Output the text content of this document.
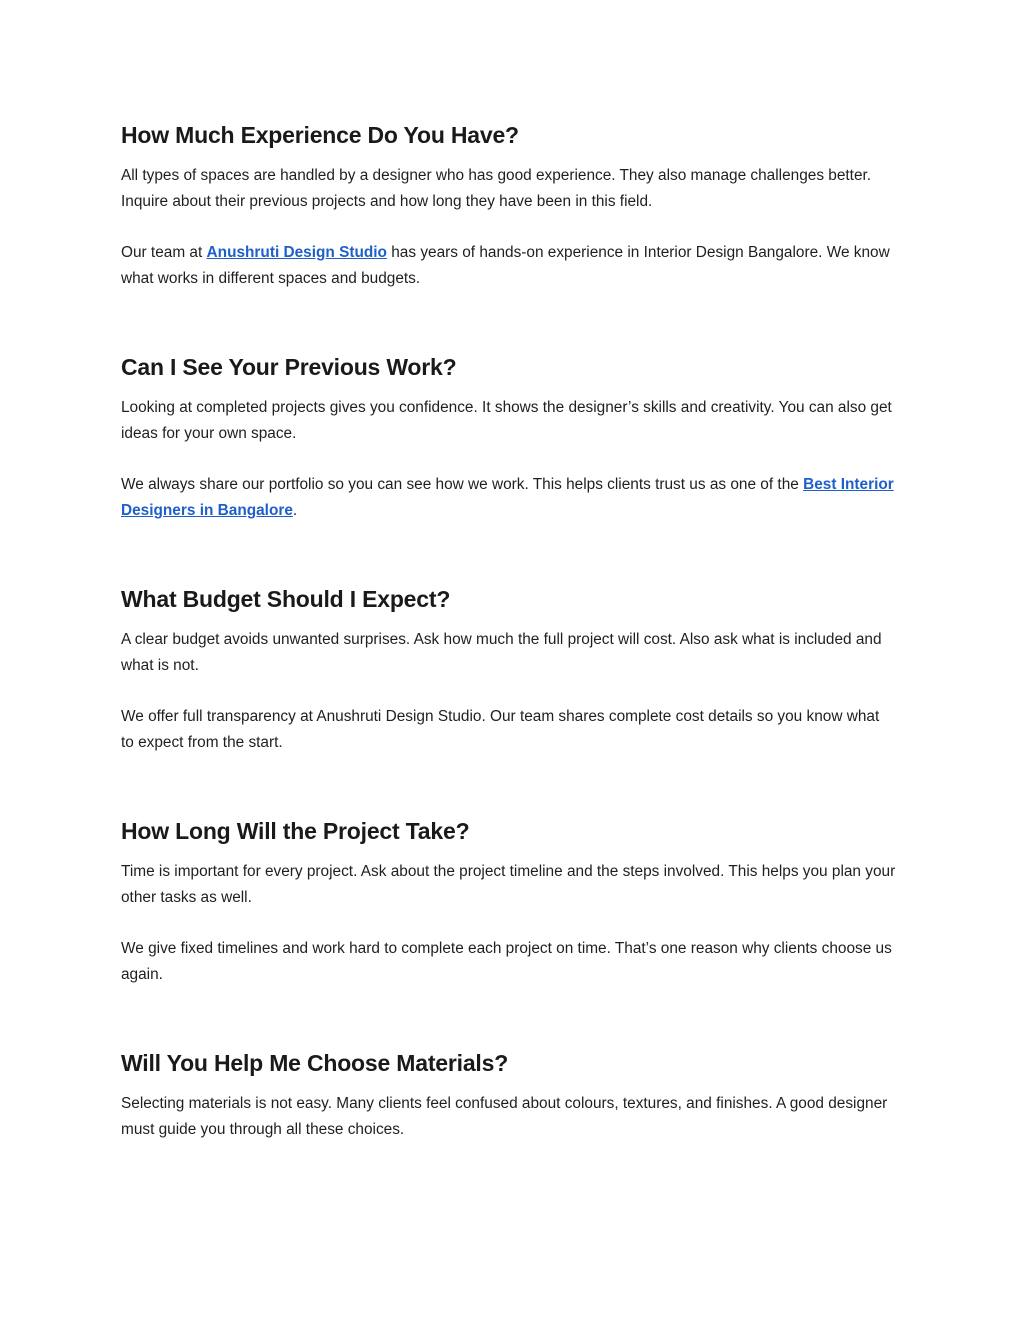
How Much Experience Do You Have?

All types of spaces are handled by a designer who has good experience. They also manage challenges better. Inquire about their previous projects and how long they have been in this field.

Our team at Anushruti Design Studio has years of hands-on experience in Interior Design Bangalore. We know what works in different spaces and budgets.

Can I See Your Previous Work?

Looking at completed projects gives you confidence. It shows the designer’s skills and creativity. You can also get ideas for your own space.

We always share our portfolio so you can see how we work. This helps clients trust us as one of the Best Interior Designers in Bangalore.

What Budget Should I Expect?

A clear budget avoids unwanted surprises. Ask how much the full project will cost. Also ask what is included and what is not.

We offer full transparency at Anushruti Design Studio. Our team shares complete cost details so you know what to expect from the start.

How Long Will the Project Take?

Time is important for every project. Ask about the project timeline and the steps involved. This helps you plan your other tasks as well.

We give fixed timelines and work hard to complete each project on time. That’s one reason why clients choose us again.

Will You Help Me Choose Materials?

Selecting materials is not easy. Many clients feel confused about colours, textures, and finishes. A good designer must guide you through all these choices.
